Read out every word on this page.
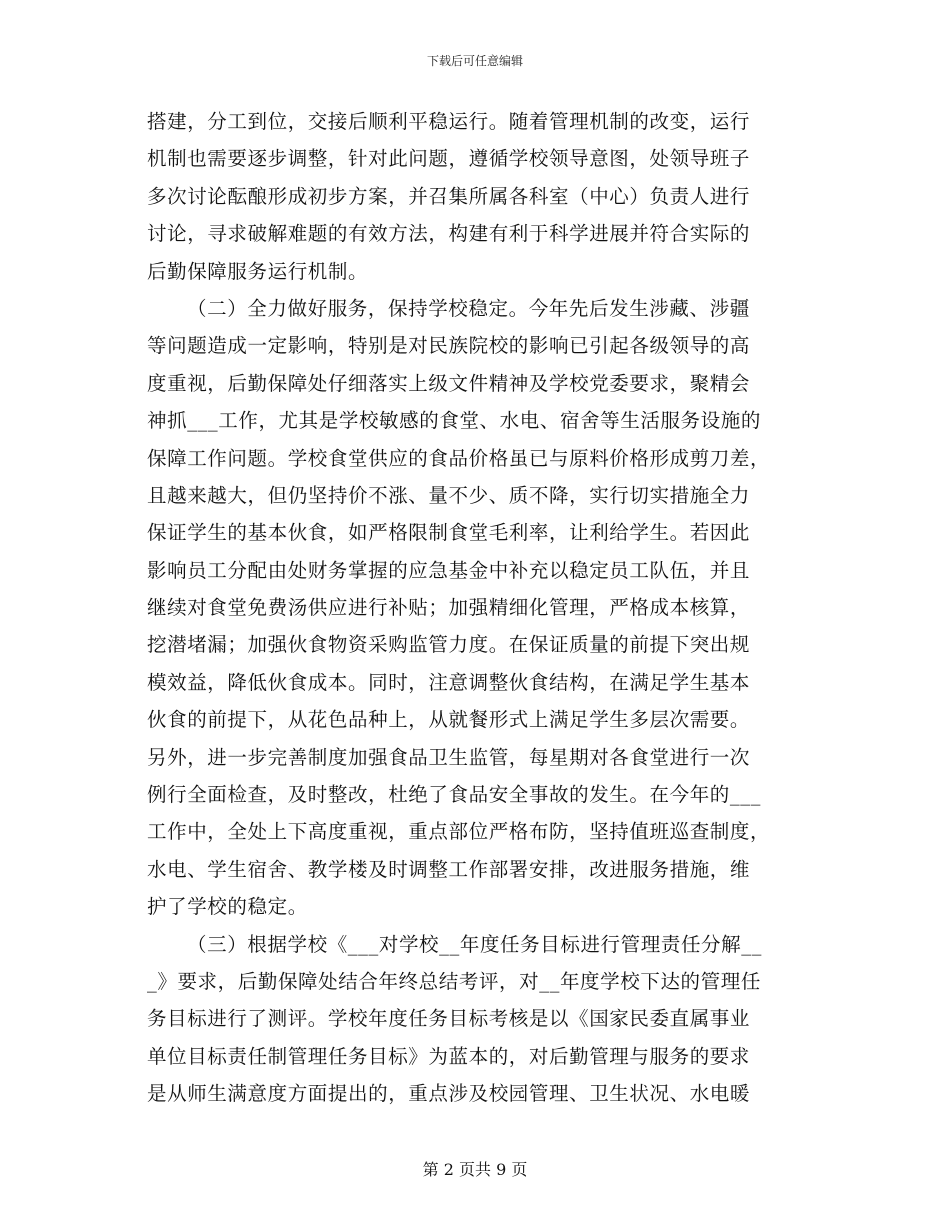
下载后可任意编辑
搭建，分工到位，交接后顺利平稳运行。随着管理机制的改变，运行
机制也需要逐步调整，针对此问题，遵循学校领导意图，处领导班子
多次讨论酝酿形成初步方案，并召集所属各科室（中心）负责人进行
讨论，寻求破解难题的有效方法，构建有利于科学进展并符合实际的
后勤保障服务运行机制。
（二）全力做好服务，保持学校稳定。今年先后发生涉藏、涉疆
等问题造成一定影响，特别是对民族院校的影响已引起各级领导的高
度重视，后勤保障处仔细落实上级文件精神及学校党委要求，聚精会
神抓___工作，尤其是学校敏感的食堂、水电、宿舍等生活服务设施的
保障工作问题。学校食堂供应的食品价格虽已与原料价格形成剪刀差，
且越来越大，但仍坚持价不涨、量不少、质不降，实行切实措施全力
保证学生的基本伙食，如严格限制食堂毛利率，让利给学生。若因此
影响员工分配由处财务掌握的应急基金中补充以稳定员工队伍，并且
继续对食堂免费汤供应进行补贴；加强精细化管理，严格成本核算，
挖潜堵漏；加强伙食物资采购监管力度。在保证质量的前提下突出规
模效益，降低伙食成本。同时，注意调整伙食结构，在满足学生基本
伙食的前提下，从花色品种上，从就餐形式上满足学生多层次需要。
另外，进一步完善制度加强食品卫生监管，每星期对各食堂进行一次
例行全面检查，及时整改，杜绝了食品安全事故的发生。在今年的___
工作中，全处上下高度重视，重点部位严格布防，坚持值班巡查制度，
水电、学生宿舍、教学楼及时调整工作部署安排，改进服务措施，维
护了学校的稳定。
（三）根据学校《___对学校__年度任务目标进行管理责任分解__
_》要求，后勤保障处结合年终总结考评，对__年度学校下达的管理任
务目标进行了测评。学校年度任务目标考核是以《国家民委直属事业
单位目标责任制管理任务目标》为蓝本的，对后勤管理与服务的要求
是从师生满意度方面提出的，重点涉及校园管理、卫生状况、水电暖
第 2 页共 9 页
